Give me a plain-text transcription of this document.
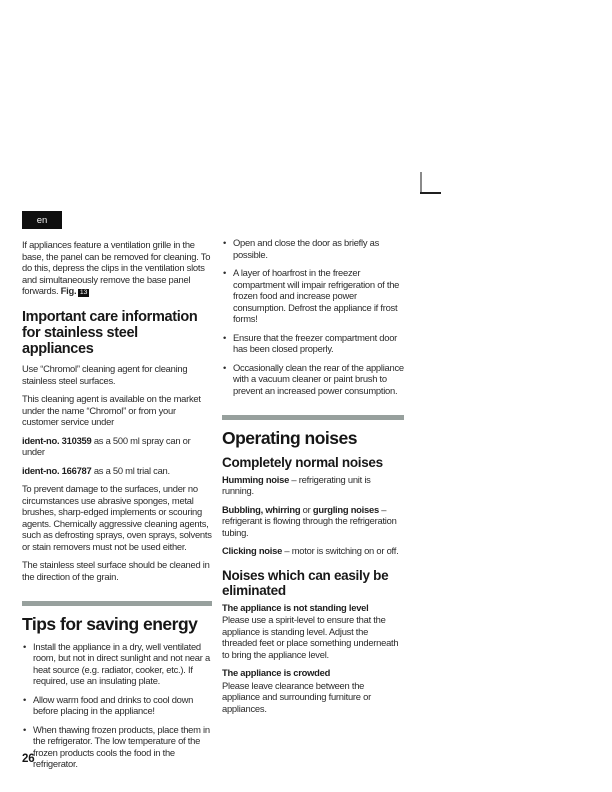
en

If appliances feature a ventilation grille in the base, the panel can be removed for cleaning. To do this, depress the clips in the ventilation slots and simultaneously remove the base panel forwards. Fig. 13

Important care information for stainless steel appliances

Use “Chromol” cleaning agent for cleaning stainless steel surfaces.

This cleaning agent is available on the market under the name “Chromol” or from your customer service under

ident-no. 310359 as a 500 ml spray can or under

ident-no. 166787 as a 50 ml trial can.

To prevent damage to the surfaces, under no circumstances use abrasive sponges, metal brushes, sharp-edged implements or scouring agents. Chemically aggressive cleaning agents, such as defrosting sprays, oven sprays, solvents or stain removers must not be used either.

The stainless steel surface should be cleaned in the direction of the grain.

Tips for saving energy
• Install the appliance in a dry, well ventilated room, but not in direct sunlight and not near a heat source (e.g. radiator, cooker, etc.). If required, use an insulating plate.
• Allow warm food and drinks to cool down before placing in the appliance!
• When thawing frozen products, place them in the refrigerator. The low temperature of the frozen products cools the food in the refrigerator.
• Open and close the door as briefly as possible.
• A layer of hoarfrost in the freezer compartment will impair refrigeration of the frozen food and increase power consumption. Defrost the appliance if frost forms!
• Ensure that the freezer compartment door has been closed properly.
• Occasionally clean the rear of the appliance with a vacuum cleaner or paint brush to prevent an increased power consumption.
Operating noises
Completely normal noises

Humming noise – refrigerating unit is running.

Bubbling, whirring or gurgling noises – refrigerant is flowing through the refrigeration tubing.

Clicking noise – motor is switching on or off.

Noises which can easily be eliminated
The appliance is not standing level

Please use a spirit-level to ensure that the appliance is standing level. Adjust the threaded feet or place something underneath to bring the appliance level.

The appliance is crowded

Please leave clearance between the appliance and surrounding furniture or appliances.

26
